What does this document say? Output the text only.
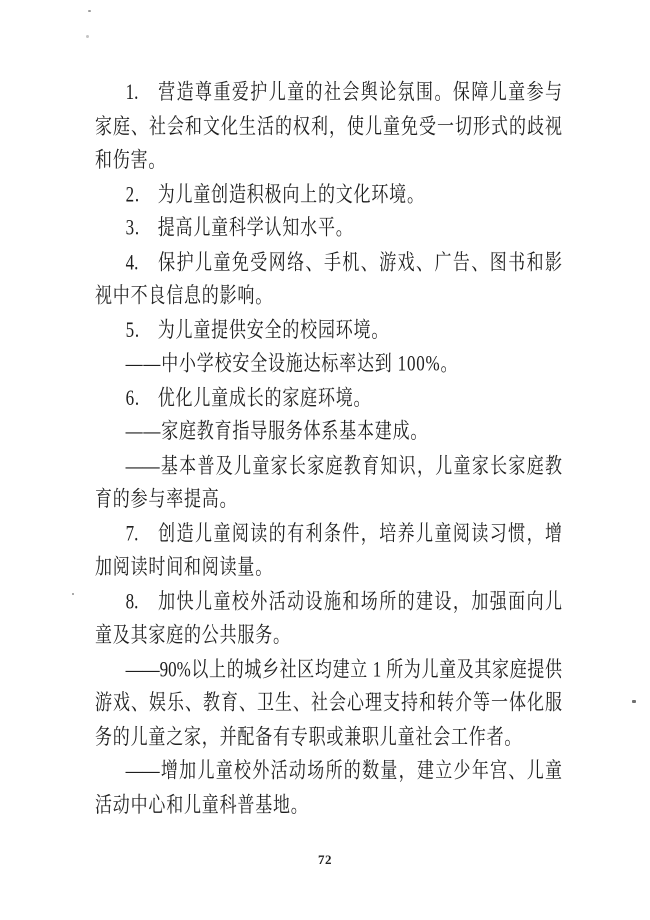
1.　营造尊重爱护儿童的社会舆论氛围。保障儿童参与
家庭、社会和文化生活的权利，使儿童免受一切形式的歧视
和伤害。
2.　为儿童创造积极向上的文化环境。
3.　提高儿童科学认知水平。
4.　保护儿童免受网络、手机、游戏、广告、图书和影
视中不良信息的影响。
5.　为儿童提供安全的校园环境。
——中小学校安全设施达标率达到 100%。
6.　优化儿童成长的家庭环境。
——家庭教育指导服务体系基本建成。
——基本普及儿童家长家庭教育知识，儿童家长家庭教
育的参与率提高。
7.　创造儿童阅读的有利条件，培养儿童阅读习惯，增
加阅读时间和阅读量。
8.　加快儿童校外活动设施和场所的建设，加强面向儿
童及其家庭的公共服务。
——90%以上的城乡社区均建立 1 所为儿童及其家庭提供
游戏、娱乐、教育、卫生、社会心理支持和转介等一体化服
务的儿童之家，并配备有专职或兼职儿童社会工作者。
——增加儿童校外活动场所的数量，建立少年宫、儿童
活动中心和儿童科普基地。
72
